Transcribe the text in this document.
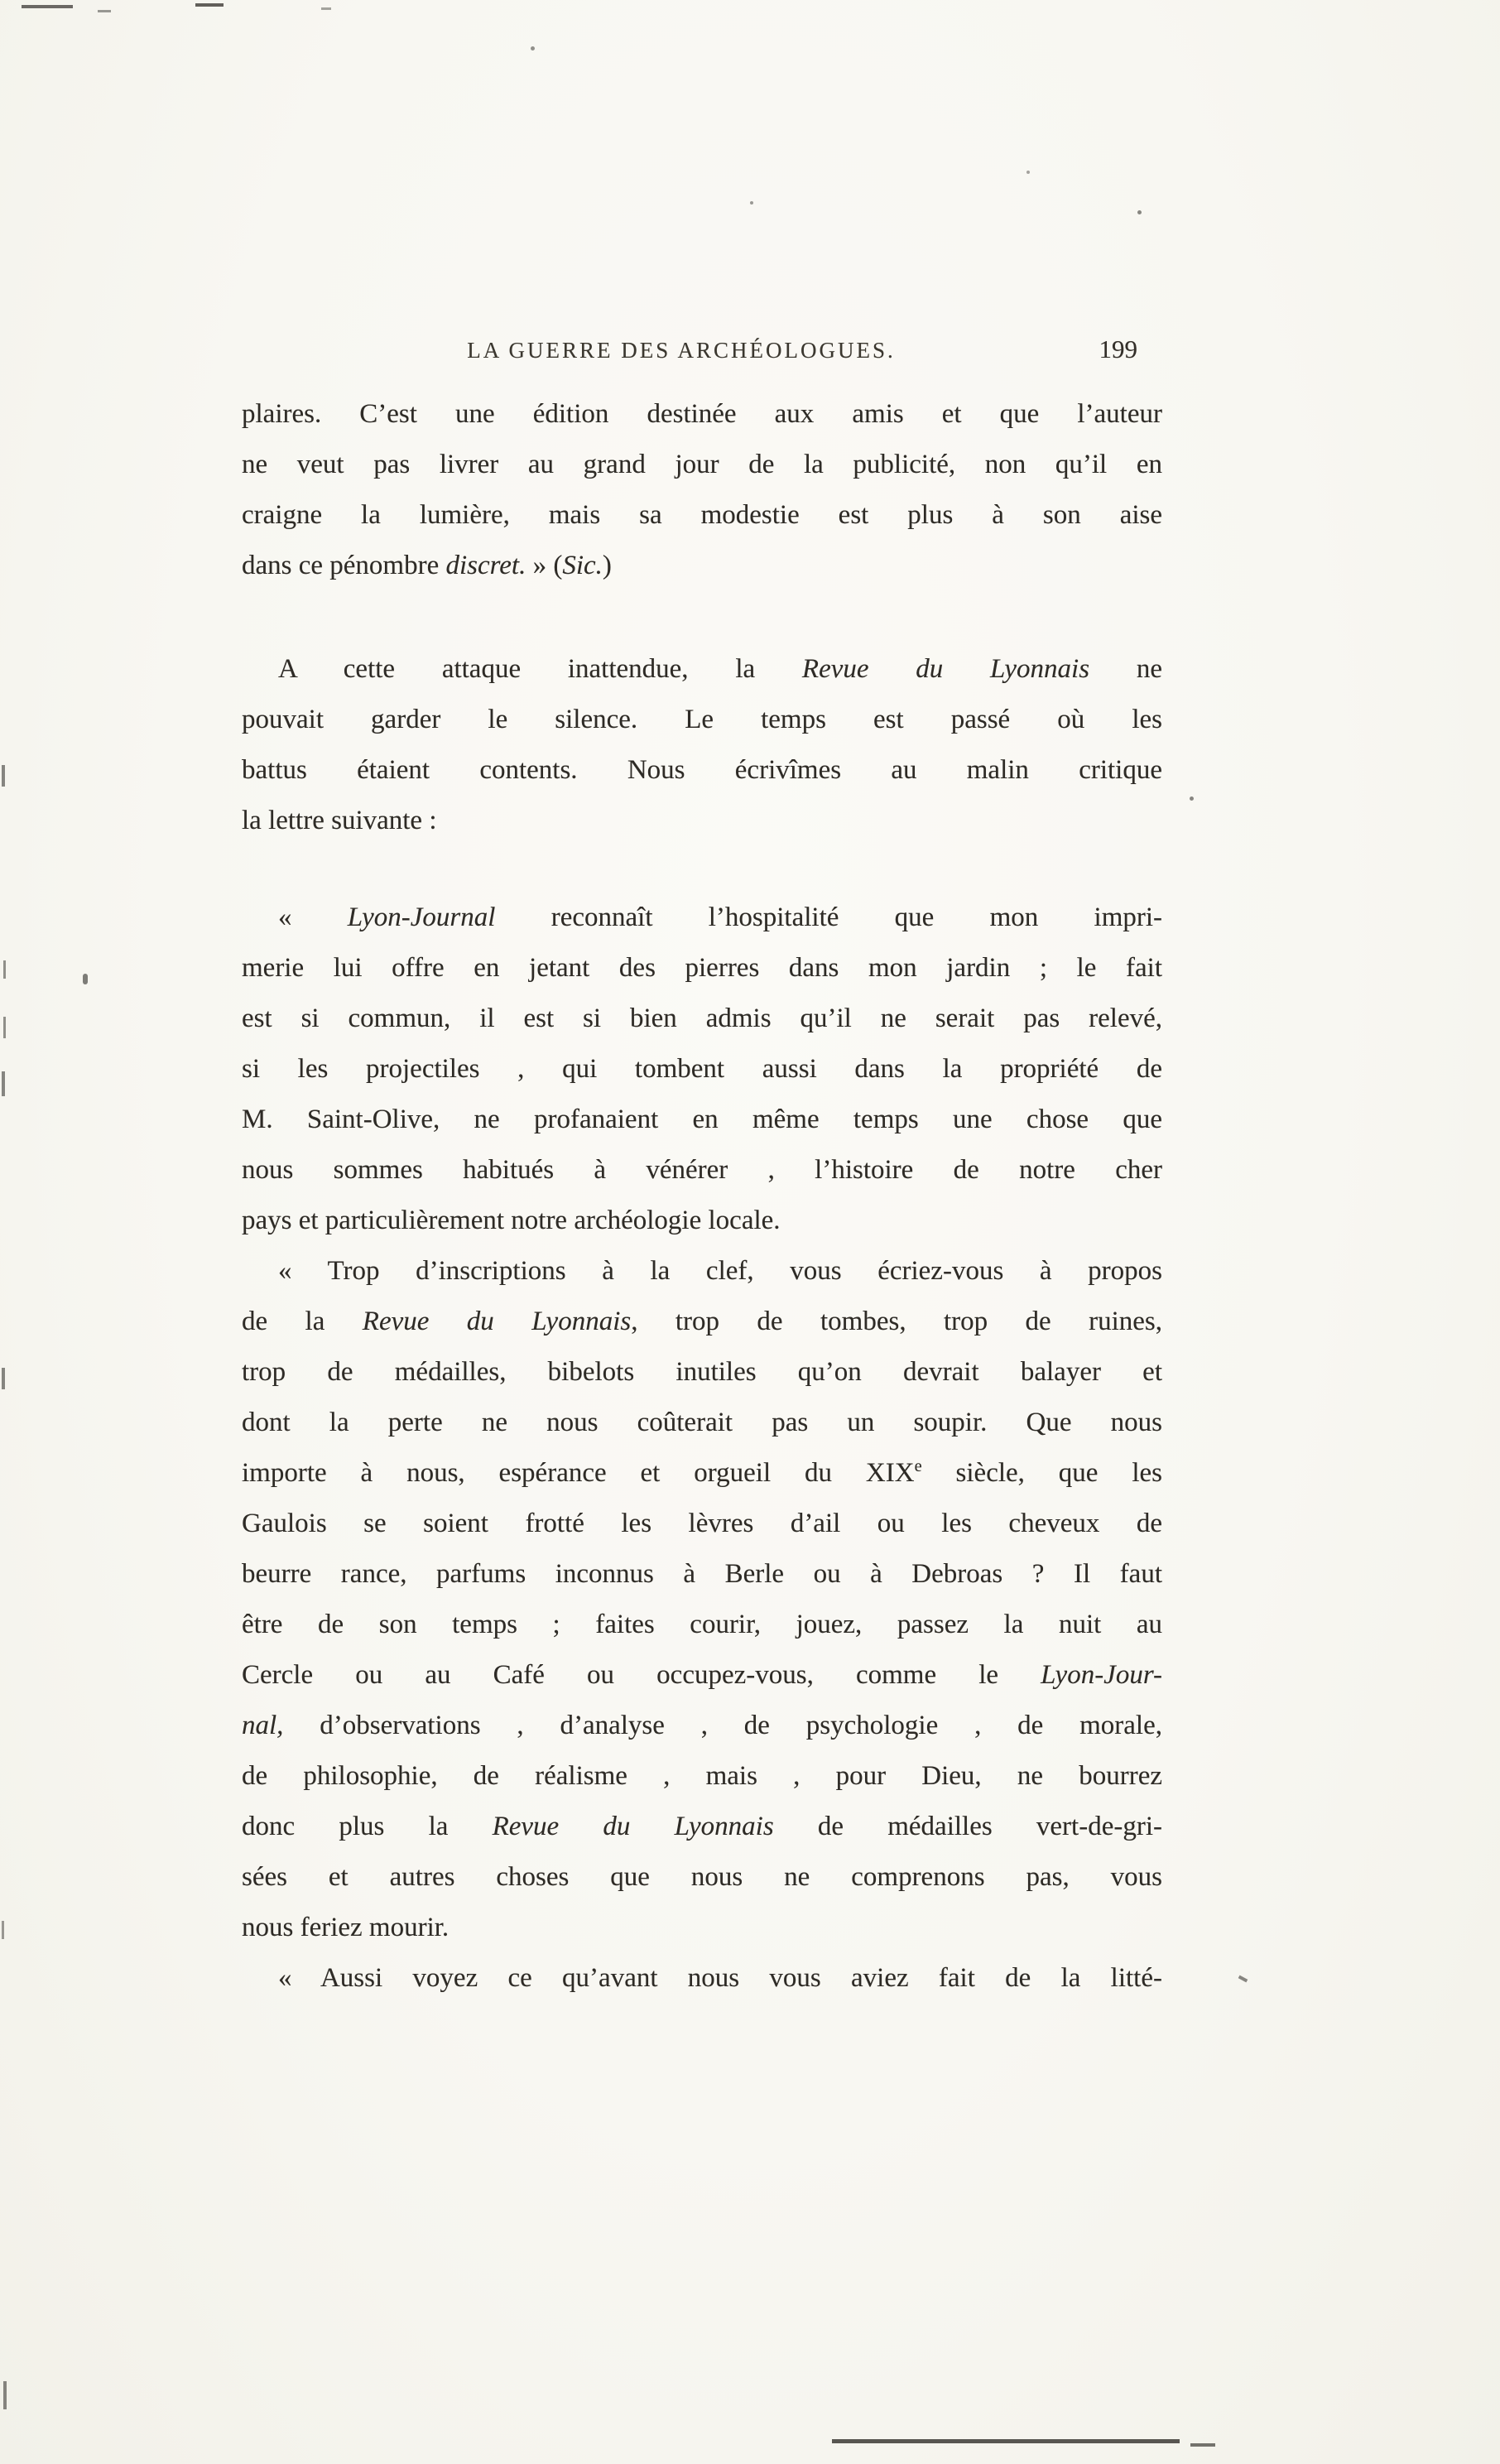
LA GUERRE DES ARCHÉOLOGUES.	199
plaires. C’est une édition destinée aux amis et que l’auteur
ne veut pas livrer au grand jour de la publicité, non qu’il en
craigne la lumière, mais sa modestie est plus à son aise
dans ce pénombre discret. » (Sic.)
A cette attaque inattendue, la Revue du Lyonnais ne
pouvait garder le silence. Le temps est passé où les
battus étaient contents. Nous écrivîmes au malin critique
la lettre suivante :
« Lyon-Journal reconnaît l’hospitalité que mon impri-
merie lui offre en jetant des pierres dans mon jardin ; le fait
est si commun, il est si bien admis qu’il ne serait pas relevé,
si les projectiles , qui tombent aussi dans la propriété de
M. Saint-Olive, ne profanaient en même temps une chose que
nous sommes habitués à vénérer , l’histoire de notre cher
pays et particulièrement notre archéologie locale.
« Trop d’inscriptions à la clef, vous écriez-vous à propos
de la Revue du Lyonnais, trop de tombes, trop de ruines,
trop de médailles, bibelots inutiles qu’on devrait balayer et
dont la perte ne nous coûterait pas un soupir. Que nous
importe à nous, espérance et orgueil du XIXe siècle, que les
Gaulois se soient frotté les lèvres d’ail ou les cheveux de
beurre rance, parfums inconnus à Berle ou à Debroas ? Il faut
être de son temps ; faites courir, jouez, passez la nuit au
Cercle ou au Café ou occupez-vous, comme le Lyon-Jour-
nal, d’observations , d’analyse , de psychologie , de morale,
de philosophie, de réalisme , mais , pour Dieu, ne bourrez
donc plus la Revue du Lyonnais de médailles vert-de-gri-
sées et autres choses que nous ne comprenons pas, vous
nous feriez mourir.
« Aussi voyez ce qu’avant nous vous aviez fait de la litté-
